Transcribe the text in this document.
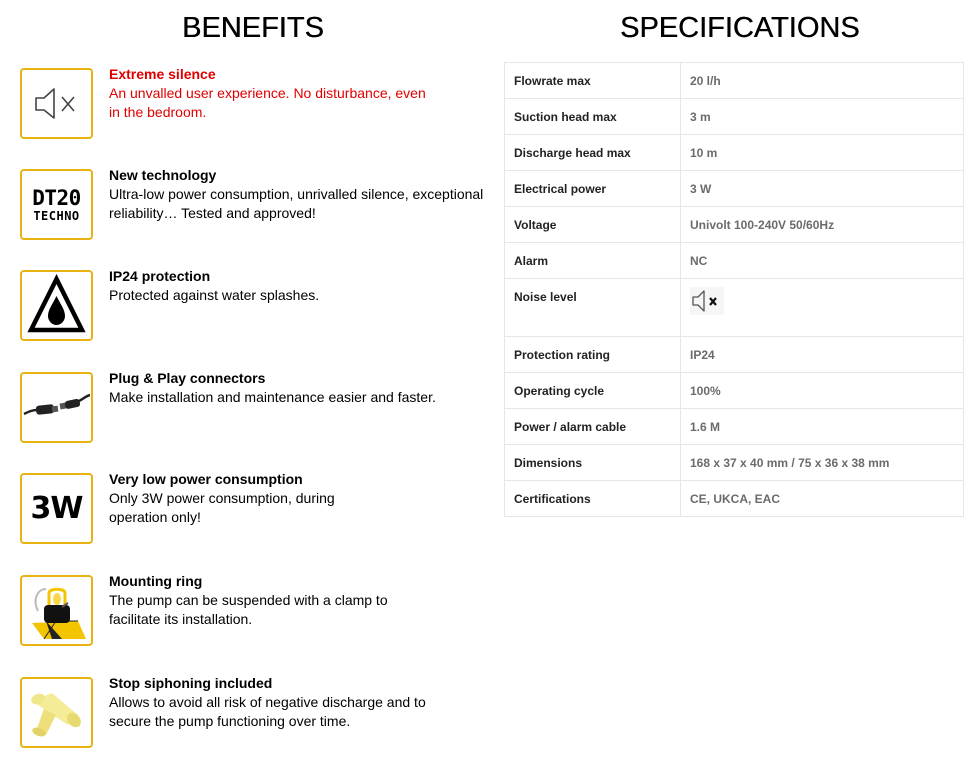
BENEFITS	SPECIFICATIONS
Extreme silence
An unvalled user experience. No disturbance, even in the bedroom.
DT20
TECHNO
New technology
Ultra-low power consumption, unrivalled silence, exceptional reliability… Tested and approved!
IP24 protection
Protected against water splashes.
Plug & Play connectors
Make installation and maintenance easier and faster.
3W
Very low power consumption
Only 3W power consumption, during operation only!
Mounting ring
The pump can be suspended with a clamp to facilitate its installation.
Stop siphoning included
Allows to avoid all risk of negative discharge and to secure the pump functioning over time.
Flowrate max	20 l/h
Suction head max	3 m
Discharge head max	10 m
Electrical power	3 W
Voltage	Univolt 100-240V 50/60Hz
Alarm	NC
Noise level	
Protection rating	IP24
Operating cycle	100%
Power / alarm cable	1.6 M
Dimensions	168 x 37 x 40 mm / 75 x 36 x 38 mm
Certifications	CE, UKCA, EAC
